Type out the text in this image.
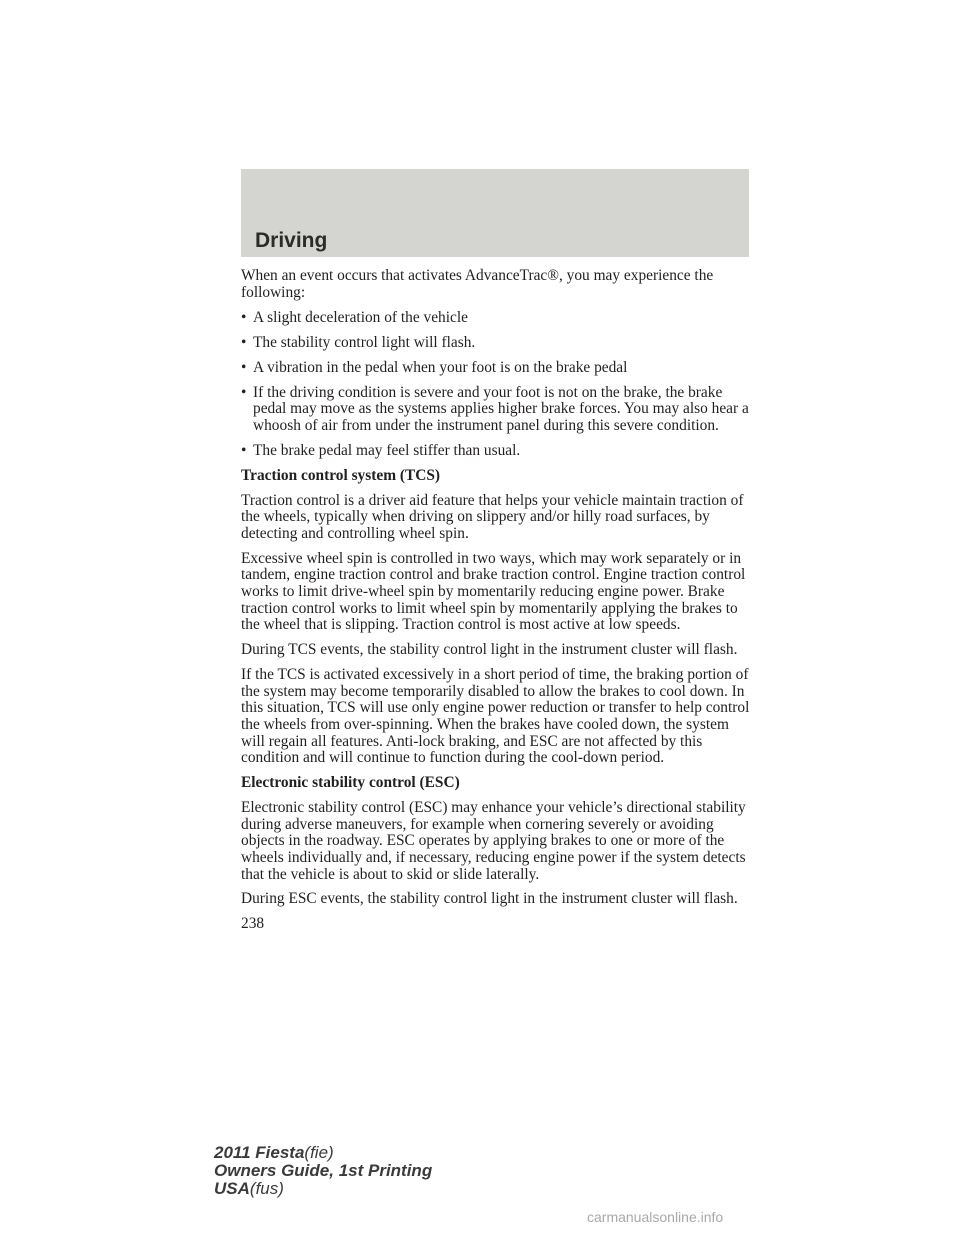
Driving

When an event occurs that activates AdvanceTrac®, you may experience the following:

• A slight deceleration of the vehicle
• The stability control light will flash.
• A vibration in the pedal when your foot is on the brake pedal
• If the driving condition is severe and your foot is not on the brake, the brake pedal may move as the systems applies higher brake forces. You may also hear a whoosh of air from under the instrument panel during this severe condition.
• The brake pedal may feel stiffer than usual.
Traction control system (TCS)

Traction control is a driver aid feature that helps your vehicle maintain traction of the wheels, typically when driving on slippery and/or hilly road surfaces, by detecting and controlling wheel spin.

Excessive wheel spin is controlled in two ways, which may work separately or in tandem, engine traction control and brake traction control. Engine traction control works to limit drive-wheel spin by momentarily reducing engine power. Brake traction control works to limit wheel spin by momentarily applying the brakes to the wheel that is slipping. Traction control is most active at low speeds.

During TCS events, the stability control light in the instrument cluster will flash.

If the TCS is activated excessively in a short period of time, the braking portion of the system may become temporarily disabled to allow the brakes to cool down. In this situation, TCS will use only engine power reduction or transfer to help control the wheels from over-spinning. When the brakes have cooled down, the system will regain all features. Anti-lock braking, and ESC are not affected by this condition and will continue to function during the cool-down period.

Electronic stability control (ESC)

Electronic stability control (ESC) may enhance your vehicle’s directional stability during adverse maneuvers, for example when cornering severely or avoiding objects in the roadway. ESC operates by applying brakes to one or more of the wheels individually and, if necessary, reducing engine power if the system detects that the vehicle is about to skid or slide laterally.

During ESC events, the stability control light in the instrument cluster will flash.

238

2011 Fiesta(fie)
Owners Guide, 1st Printing
USA(fus)
carmanualsonline.info
